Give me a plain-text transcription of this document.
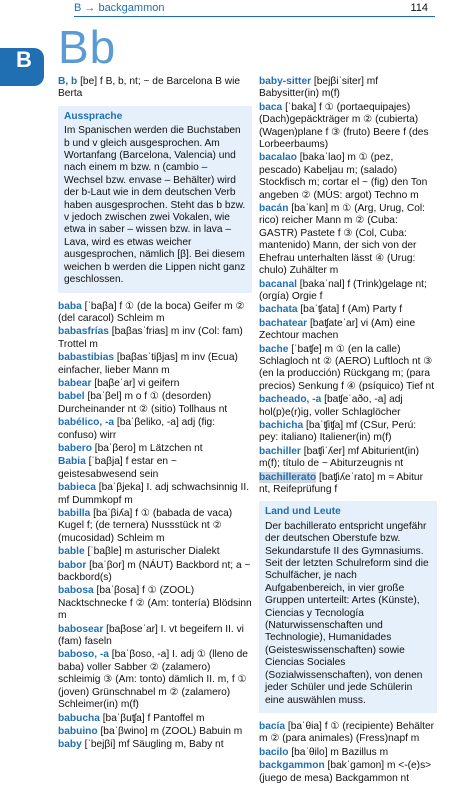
B → backgammon	114
Bb
B
B, b [be] f B, b, nt; ~ de Barcelona B wie Berta
Aussprache
Im Spanischen werden die Buchstaben b und v gleich ausgesprochen. Am Wortanfang (Barcelona, Valencia) und nach einem m bzw. n (cambio – Wechsel bzw. envase – Behälter) wird der b-Laut wie in dem deutschen Verb haben ausgesprochen. Steht das b bzw. v jedoch zwischen zwei Vokalen, wie etwa in saber – wissen bzw. in lava – Lava, wird es etwas weicher ausgesprochen, nämlich [β]. Bei diesem weichen b werden die Lippen nicht ganz geschlossen.
baba [ˈbaβa] f ① (de la boca) Geifer m ② (del caracol) Schleim m
babasfrías [baβasˈfrias] m inv (Col: fam) Trottel m
babastibias [baβasˈtiβjas] m inv (Ecua) einfacher, lieber Mann m
babear [baβeˈar] vi geifern
babel [baˈβel] m o f ① (desorden) Durcheinander nt ② (sitio) Tollhaus nt
babélico, -a [baˈβeliko, -a] adj (fig: confuso) wirr
babero [baˈβero] m Lätzchen nt
Babia [ˈbaβja] f estar en ~ geistesabwesend sein
babieca [baˈβjeka] I. adj schwachsinnig II. mf Dummkopf m
babilla [baˈβiʎa] f ① (babada de vaca) Kugel f; (de ternera) Nussstück nt ② (mucosidad) Schleim m
bable [ˈbaβle] m asturischer Dialekt
babor [baˈβor] m (NÁUT) Backbord nt; a ~ backbord(s)
babosa [baˈβosa] f ① (ZOOL) Nacktschnecke f ② (Am: tontería) Blödsinn m
babosear [baβoseˈar] I. vt begeifern II. vi (fam) faseln
baboso, -a [baˈβoso, -a] I. adj ① (lleno de baba) voller Sabber ② (zalamero) schleimig ③ (Am: tonto) dämlich II. m, f ① (joven) Grünschnabel m ② (zalamero) Schleimer(in) m(f)
babucha [baˈβuʧa] f Pantoffel m
babuino [baˈβwino] m (ZOOL) Babuin m
baby [ˈbejβi] mf Säugling m, Baby nt
baby-sitter [bejβiˈsiter] mf Babysitter(in) m(f)
baca [ˈbaka] f ① (portaequipajes) (Dach)gepäckträger m ② (cubierta) (Wagen)plane f ③ (fruto) Beere f (des Lorbeerbaums)
bacalao [bakaˈlao] m ① (pez, pescado) Kabeljau m; (salado) Stockfisch m; cortar el ~ (fig) den Ton angeben ② (MÚS: argot) Techno m
bacán [baˈkan] m ① (Arg, Urug, Col: rico) reicher Mann m ② (Cuba: GASTR) Pastete f ③ (Col, Cuba: mantenido) Mann, der sich von der Ehefrau unterhalten lässt ④ (Urug: chulo) Zuhälter m
bacanal [bakaˈnal] f (Trink)gelage nt; (orgía) Orgie f
bachata [baˈʧata] f (Am) Party f
bachatear [baʧateˈar] vi (Am) eine Zechtour machen
bache [ˈbaʧe] m ① (en la calle) Schlagloch nt ② (AERO) Luftloch nt ③ (en la producción) Rückgang m; (para precios) Senkung f ④ (psíquico) Tief nt
bacheado, -a [baʧeˈaðo, -a] adj hol(p)e(r)ig, voller Schlaglöcher
bachicha [baˈʧiʧa] mf (CSur, Perú: pey: italiano) Italiener(in) m(f)
bachiller [baʧiˈʎer] mf Abiturient(in) m(f); título de ~ Abiturzeugnis nt
bachillerato [baʧiʎeˈrato] m ≈ Abitur nt, Reifeprüfung f
Land und Leute
Der bachillerato entspricht ungefähr der deutschen Oberstufe bzw. Sekundarstufe II des Gymnasiums. Seit der letzten Schulreform sind die Schulfächer, je nach Aufgabenbereich, in vier große Gruppen unterteilt: Artes (Künste), Ciencias y Tecnología (Naturwissenschaften und Technologie), Humanidades (Geisteswissenschaften) sowie Ciencias Sociales (Sozialwissenschaften), von denen jeder Schüler und jede Schülerin eine auswählen muss.
bacía [baˈθia] f ① (recipiente) Behälter m ② (para animales) (Fress)napf m
bacilo [baˈθilo] m Bazillus m
backgammon [bakˈgamon] m <-(e)s> (juego de mesa) Backgammon nt
